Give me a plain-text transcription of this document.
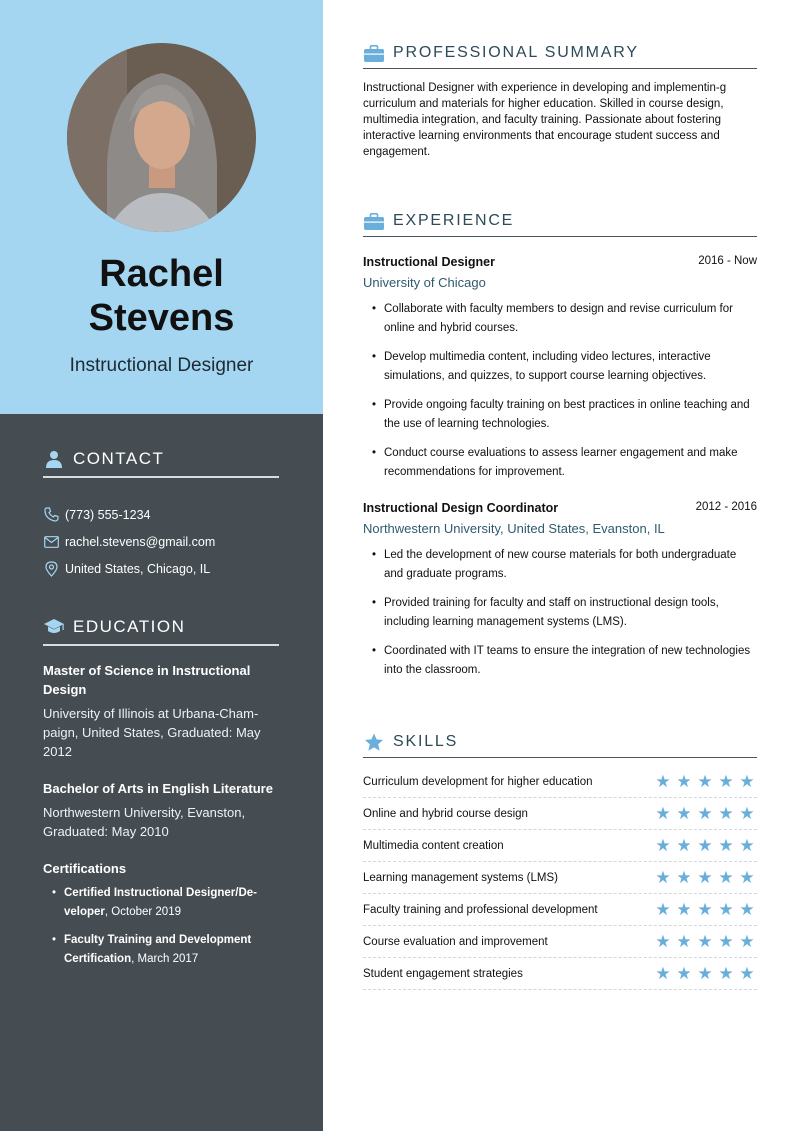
Rachel
Stevens
Instructional Designer
CONTACT
(773) 555-1234
rachel.stevens@gmail.com
United States, Chicago, IL
EDUCATION
Master of Science in Instructional Design
University of Illinois at Urbana-Cham-paign, United States, Graduated: May 2012
Bachelor of Arts in English Literature
Northwestern University, Evanston, Graduated: May 2010
Certifications
• Certified Instructional Designer/De-veloper, October 2019
• Faculty Training and Development Certification, March 2017
PROFESSIONAL SUMMARY
Instructional Designer with experience in developing and implementin-g curriculum and materials for higher education. Skilled in course design, multimedia integration, and faculty training. Passionate about fostering interactive learning environments that encourage student success and engagement.
EXPERIENCE
Instructional Designer	2016 - Now
University of Chicago
• Collaborate with faculty members to design and revise curriculum for online and hybrid courses.
• Develop multimedia content, including video lectures, interactive simulations, and quizzes, to support course learning objectives.
• Provide ongoing faculty training on best practices in online teaching and the use of learning technologies.
• Conduct course evaluations to assess learner engagement and make recommendations for improvement.
Instructional Design Coordinator	2012 - 2016
Northwestern University, United States, Evanston, IL
• Led the development of new course materials for both undergraduate and graduate programs.
• Provided training for faculty and staff on instructional design tools, including learning management systems (LMS).
• Coordinated with IT teams to ensure the integration of new technologies into the classroom.
SKILLS
Curriculum development for higher education	★ ★ ★ ★ ★
Online and hybrid course design	★ ★ ★ ★ ★
Multimedia content creation	★ ★ ★ ★ ★
Learning management systems (LMS)	★ ★ ★ ★ ★
Faculty training and professional development	★ ★ ★ ★ ★
Course evaluation and improvement	★ ★ ★ ★ ★
Student engagement strategies	★ ★ ★ ★ ★
